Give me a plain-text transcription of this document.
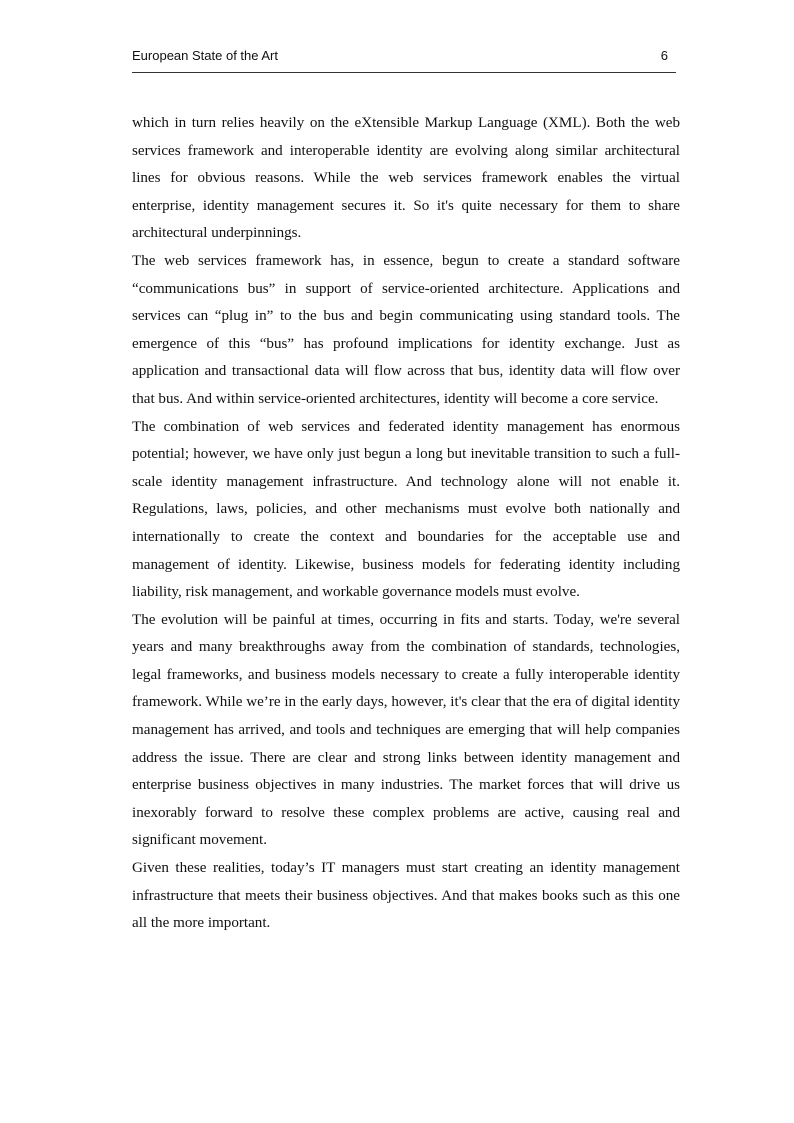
European State of the Art	6

which in turn relies heavily on the eXtensible Markup Language (XML). Both the web services framework and interoperable identity are evolving along similar architectural lines for obvious reasons. While the web services framework enables the virtual enterprise, identity management secures it. So it's quite necessary for them to share architectural underpinnings.

The web services framework has, in essence, begun to create a standard software “communications bus” in support of service-oriented architecture. Applications and services can “plug in” to the bus and begin communicating using standard tools. The emergence of this “bus” has profound implications for identity exchange. Just as application and transactional data will flow across that bus, identity data will flow over that bus. And within service-oriented architectures, identity will become a core service.

The combination of web services and federated identity management has enormous potential; however, we have only just begun a long but inevitable transition to such a full-scale identity management infrastructure. And technology alone will not enable it. Regulations, laws, policies, and other mechanisms must evolve both nationally and internationally to create the context and boundaries for the acceptable use and management of identity. Likewise, business models for federating identity including liability, risk management, and workable governance models must evolve.

The evolution will be painful at times, occurring in fits and starts. Today, we're several years and many breakthroughs away from the combination of standards, technologies, legal frameworks, and business models necessary to create a fully interoperable identity framework. While we’re in the early days, however, it's clear that the era of digital identity management has arrived, and tools and techniques are emerging that will help companies address the issue. There are clear and strong links between identity management and enterprise business objectives in many industries. The market forces that will drive us inexorably forward to resolve these complex problems are active, causing real and significant movement.

Given these realities, today’s IT managers must start creating an identity management infrastructure that meets their business objectives. And that makes books such as this one all the more important.
